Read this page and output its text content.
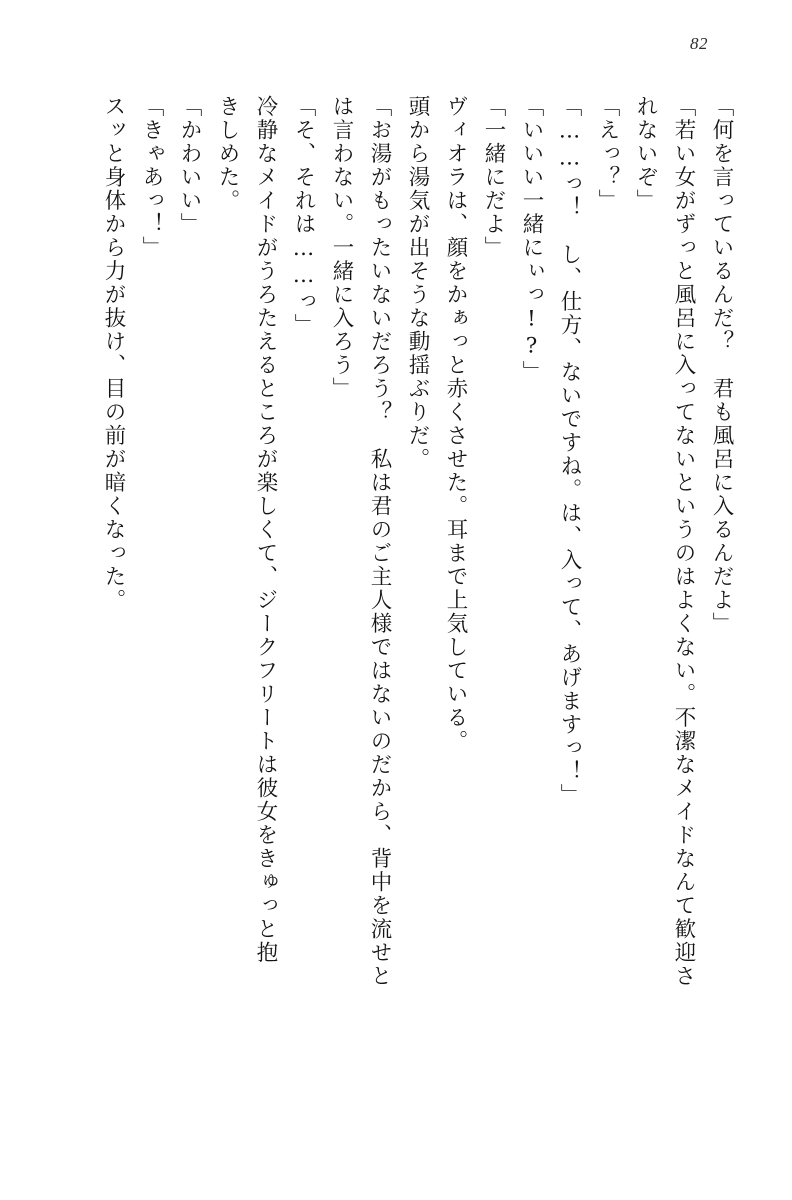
82
「何を言っているんだ？　君も風呂に入るんだよ」
「若い女がずっと風呂に入ってないというのはよくない。不潔なメイドなんて歓迎さ
れないぞ」
「えっ？」
「……っ！　し、仕方、ないですね。は、入って、あげますっ！」
「いいい一緒にぃっ!?」
「一緒にだよ」
ヴィオラは、顔をかぁっと赤くさせた。耳まで上気している。
頭から湯気が出そうな動揺ぶりだ。
「お湯がもったいないだろう？　私は君のご主人様ではないのだから、背中を流せと
は言わない。一緒に入ろう」
「そ、それは……っ」
冷静なメイドがうろたえるところが楽しくて、ジークフリートは彼女をきゅっと抱
きしめた。
「かわいい」
「きゃあっ！」
スッと身体から力が抜け、目の前が暗くなった。
